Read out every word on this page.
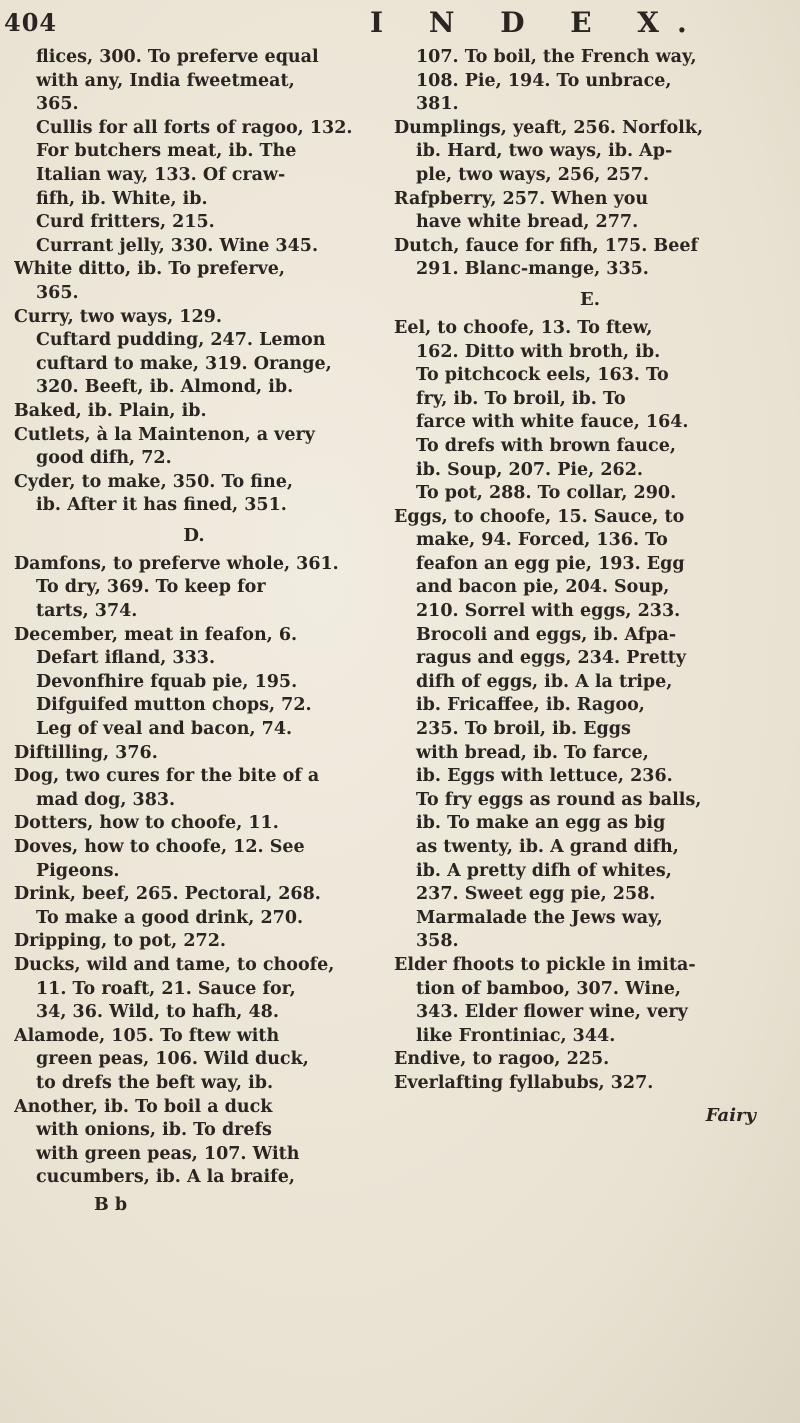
404	I N D E X.
flices, 300. To preferve equal
with any, India fweetmeat,
365.
Cullis for all forts of ragoo, 132.
For butchers meat, ib. The
Italian way, 133. Of craw-
fifh, ib. White, ib.
Curd fritters, 215.
Currant jelly, 330. Wine 345.
White ditto, ib. To preferve,
365.
Curry, two ways, 129.
Cuftard pudding, 247. Lemon
cuftard to make, 319. Orange,
320. Beeft, ib. Almond, ib.
Baked, ib. Plain, ib.
Cutlets, à la Maintenon, a very
good difh, 72.
Cyder, to make, 350. To fine,
ib. After it has fined, 351.
D.
Damfons, to preferve whole, 361.
To dry, 369. To keep for
tarts, 374.
December, meat in feafon, 6.
Defart ifland, 333.
Devonfhire fquab pie, 195.
Difguifed mutton chops, 72.
Leg of veal and bacon, 74.
Diftilling, 376.
Dog, two cures for the bite of a
mad dog, 383.
Dotters, how to choofe, 11.
Doves, how to choofe, 12. See
Pigeons.
Drink, beef, 265. Pectoral, 268.
To make a good drink, 270.
Dripping, to pot, 272.
Ducks, wild and tame, to choofe,
11. To roaft, 21. Sauce for,
34, 36. Wild, to hafh, 48.
Alamode, 105. To ftew with
green peas, 106. Wild duck,
to drefs the beft way, ib.
Another, ib. To boil a duck
with onions, ib. To drefs
with green peas, 107. With
cucumbers, ib. A la braife,
B b
107. To boil, the French way,
108. Pie, 194. To unbrace,
381.
Dumplings, yeaft, 256. Norfolk,
ib. Hard, two ways, ib. Ap-
ple, two ways, 256, 257.
Rafpberry, 257. When you
have white bread, 277.
Dutch, fauce for fifh, 175. Beef
291. Blanc-mange, 335.
E.
Eel, to choofe, 13. To ftew,
162. Ditto with broth, ib.
To pitchcock eels, 163. To
fry, ib. To broil, ib. To
farce with white fauce, 164.
To drefs with brown fauce,
ib. Soup, 207. Pie, 262.
To pot, 288. To collar, 290.
Eggs, to choofe, 15. Sauce, to
make, 94. Forced, 136. To
feafon an egg pie, 193. Egg
and bacon pie, 204. Soup,
210. Sorrel with eggs, 233.
Brocoli and eggs, ib. Afpa-
ragus and eggs, 234. Pretty
difh of eggs, ib. A la tripe,
ib. Fricaffee, ib. Ragoo,
235. To broil, ib. Eggs
with bread, ib. To farce,
ib. Eggs with lettuce, 236.
To fry eggs as round as balls,
ib. To make an egg as big
as twenty, ib. A grand difh,
ib. A pretty difh of whites,
237. Sweet egg pie, 258.
Marmalade the Jews way,
358.
Elder fhoots to pickle in imita-
tion of bamboo, 307. Wine,
343. Elder flower wine, very
like Frontiniac, 344.
Endive, to ragoo, 225.
Everlafting fyllabubs, 327.
Fairy
